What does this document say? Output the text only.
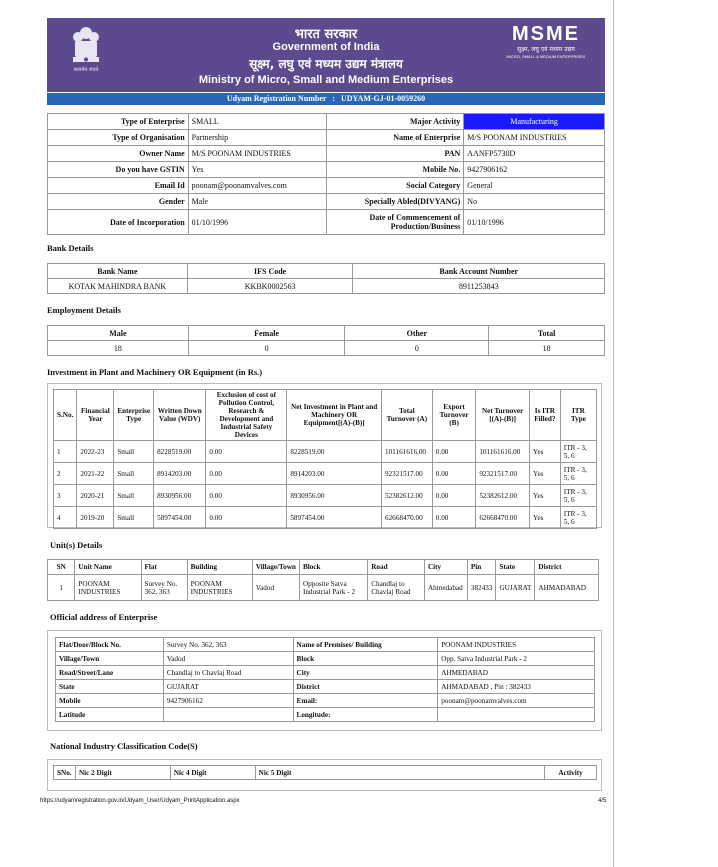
सत्यमेव जयते
भारत सरकार
Government of India
सूक्ष्म, लघु एवं मध्यम उद्यम मंत्रालय
Ministry of Micro, Small and Medium Enterprises
MSME
सूक्ष्म, लघु एवं मध्यम उद्यम
MICRO, SMALL & MEDIUM ENTERPRISES
Udyam Registration Number : UDYAM-GJ-01-0059260
Type of Enterprise	SMALL	Major Activity	Manufacturing
Type of Organisation	Partnership	Name of Enterprise	M/S POONAM INDUSTRIES
Owner Name	M/S POONAM INDUSTRIES	PAN	AANFP5730D
Do you have GSTIN	Yes	Mobile No.	9427906162
Email Id	poonam@poonamvalves.com	Social Category	General
Gender	Male	Specially Abled(DIVYANG)	No
Date of Incorporation	01/10/1996	Date of Commencement of Production/Business	01/10/1996
Bank Details
Bank Name	IFS Code	Bank Account Number
KOTAK MAHINDRA BANK	KKBK0002563	8911253843
Employment Details
Male	Female	Other	Total
18	0	0	18
Investment in Plant and Machinery OR Equipment (in Rs.)
S.No.	Financial Year	Enterprise Type	Written Down Value (WDV)	Exclusion of cost of Pollution Control, Research & Development and Industrial Safety Devices	Net Investment in Plant and Machinery OR Equipment[(A)-(B)]	Total Turnover (A)	Export Turnover (B)	Net Turnover [(A)-(B)]	Is ITR Filled?	ITR Type
1	2022-23	Small	8228519.00	0.00	8228519.00	101161616.00	0.00	101161616.00	Yes	ITR - 3, 5, 6
2	2021-22	Small	8914203.00	0.00	8914203.00	92321517.00	0.00	92321517.00	Yes	ITR - 3, 5, 6
3	2020-21	Small	8930956.00	0.00	8930956.00	52382612.00	0.00	52382612.00	Yes	ITR - 3, 5, 6
4	2019-20	Small	5897454.00	0.00	5897454.00	62668470.00	0.00	62668470.00	Yes	ITR - 3, 5, 6
Unit(s) Details
SN	Unit Name	Flat	Building	Village/Town	Block	Road	City	Pin	State	District
1	POONAM INDUSTRIES	Survey No. 362, 363	POONAM INDUSTRIES	Vadod	Opposite Satva Industrial Park - 2	Chandlaj to Chavlaj Road	Ahmedabad	382433	GUJARAT	AHMADABAD
Official address of Enterprise
Flat/Door/Block No.	Survey No. 362, 363	Name of Premises/ Building	POONAM INDUSTRIES
Village/Town	Vadod	Block	Opp. Satva Industrial Park - 2
Road/Street/Lane	Chandlaj to Chavlaj Road	City	AHMEDABAD
State	GUJARAT	District	AHMADABAD , Pin : 382433
Mobile	9427906162	Email:	poonam@poonamvalves.com
Latitude		Longitude:	
National Industry Classification Code(S)
SNo.	Nic 2 Digit	Nic 4 Digit	Nic 5 Digit	Activity
https://udyamregistration.gov.in/Udyam_User/Udyam_PrintApplication.aspx	4/5
